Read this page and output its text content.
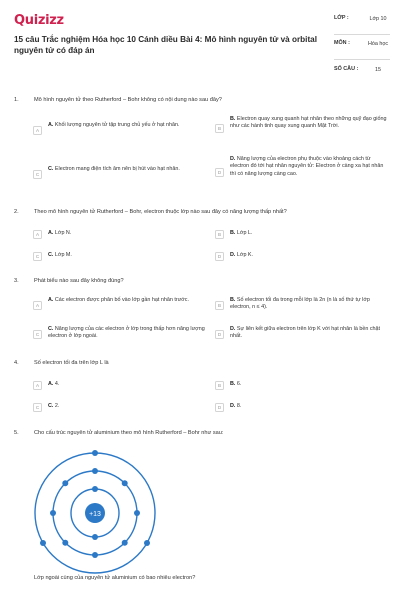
Quizizz
15 câu Trắc nghiệm Hóa học 10 Cánh diều Bài 4: Mô hình nguyên tử và orbital nguyên tử có đáp án
LỚP :	Lớp 10
MÔN :	Hóa học
SỐ CÂU :	15
1.	Mô hình nguyên tử theo Rutherford – Bohr không có nội dung nào sau đây?
A
A. Khối lượng nguyên tử tập trung chủ yếu ở hạt nhân.	B
B. Electron quay xung quanh hạt nhân theo những quỹ đạo giống như các hành tinh quay xung quanh Mặt Trời.
C
C. Electron mang điện tích âm nên bị hút vào hạt nhân.	D
D. Năng lượng của electron phụ thuộc vào khoảng cách từ electron đó tới hạt nhân nguyên tử: Electron ở càng xa hạt nhân thì có năng lượng càng cao.
2.	Theo mô hình nguyên tử Rutherford – Bohr, electron thuộc lớp nào sau đây có năng lượng thấp nhất?
A	A. Lớp N.	B	B. Lớp L.
C	C. Lớp M.	D	D. Lớp K.
3.	Phát biểu nào sau đây không đúng?
A
A. Các electron được phân bố vào lớp gần hạt nhân trước.
B
B. Số electron tối đa trong mỗi lớp là 2n (n là số thứ tự lớp electron, n ≤ 4).
C
C. Năng lượng của các electron ở lớp trong thấp hơn năng lượng electron ở lớp ngoài.	D
D. Sự liên kết giữa electron trên lớp K với hạt nhân là bền chặt nhất.
4.	Số electron tối đa trên lớp L là
A	A. 4.	B	B. 6.
C	C. 2.	D	D. 8.
5.	Cho cấu trúc nguyên tử aluminium theo mô hình Rutherford – Bohr như sau:
+13
Lớp ngoài cùng của nguyên tử aluminium có bao nhiêu electron?
